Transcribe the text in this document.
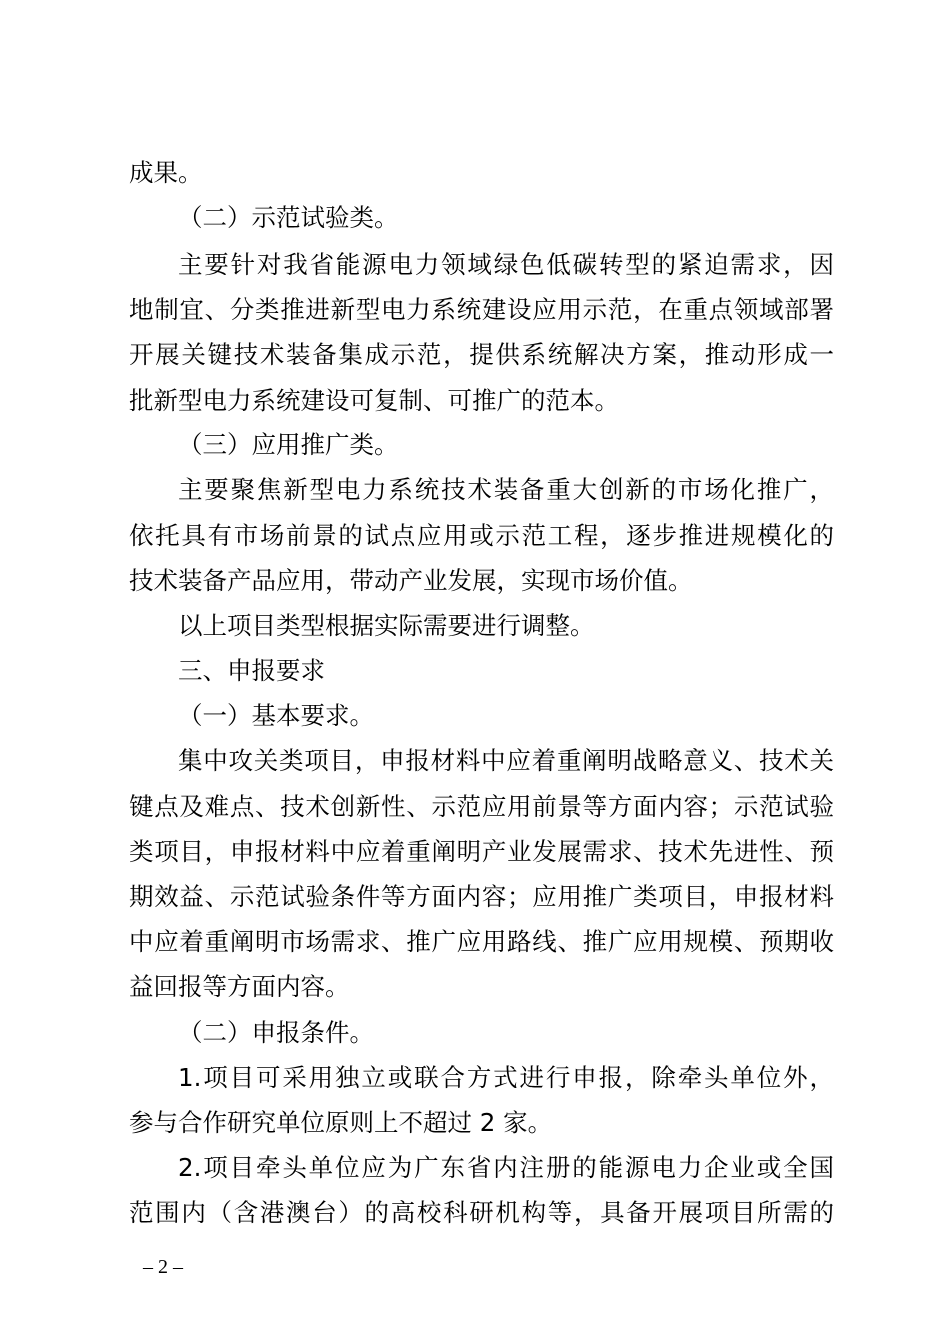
成果。
（二）示范试验类。
主要针对我省能源电力领域绿色低碳转型的紧迫需求，因
地制宜、分类推进新型电力系统建设应用示范，在重点领域部署
开展关键技术装备集成示范，提供系统解决方案，推动形成一
批新型电力系统建设可复制、可推广的范本。
（三）应用推广类。
主要聚焦新型电力系统技术装备重大创新的市场化推广，
依托具有市场前景的试点应用或示范工程，逐步推进规模化的
技术装备产品应用，带动产业发展，实现市场价值。
以上项目类型根据实际需要进行调整。
三、申报要求
（一）基本要求。
集中攻关类项目，申报材料中应着重阐明战略意义、技术关
键点及难点、技术创新性、示范应用前景等方面内容；示范试验
类项目，申报材料中应着重阐明产业发展需求、技术先进性、预
期效益、示范试验条件等方面内容；应用推广类项目，申报材料
中应着重阐明市场需求、推广应用路线、推广应用规模、预期收
益回报等方面内容。
（二）申报条件。
1.项目可采用独立或联合方式进行申报，除牵头单位外，
参与合作研究单位原则上不超过 2 家。
2.项目牵头单位应为广东省内注册的能源电力企业或全国
范围内（含港澳台）的高校科研机构等，具备开展项目所需的
– 2 –
